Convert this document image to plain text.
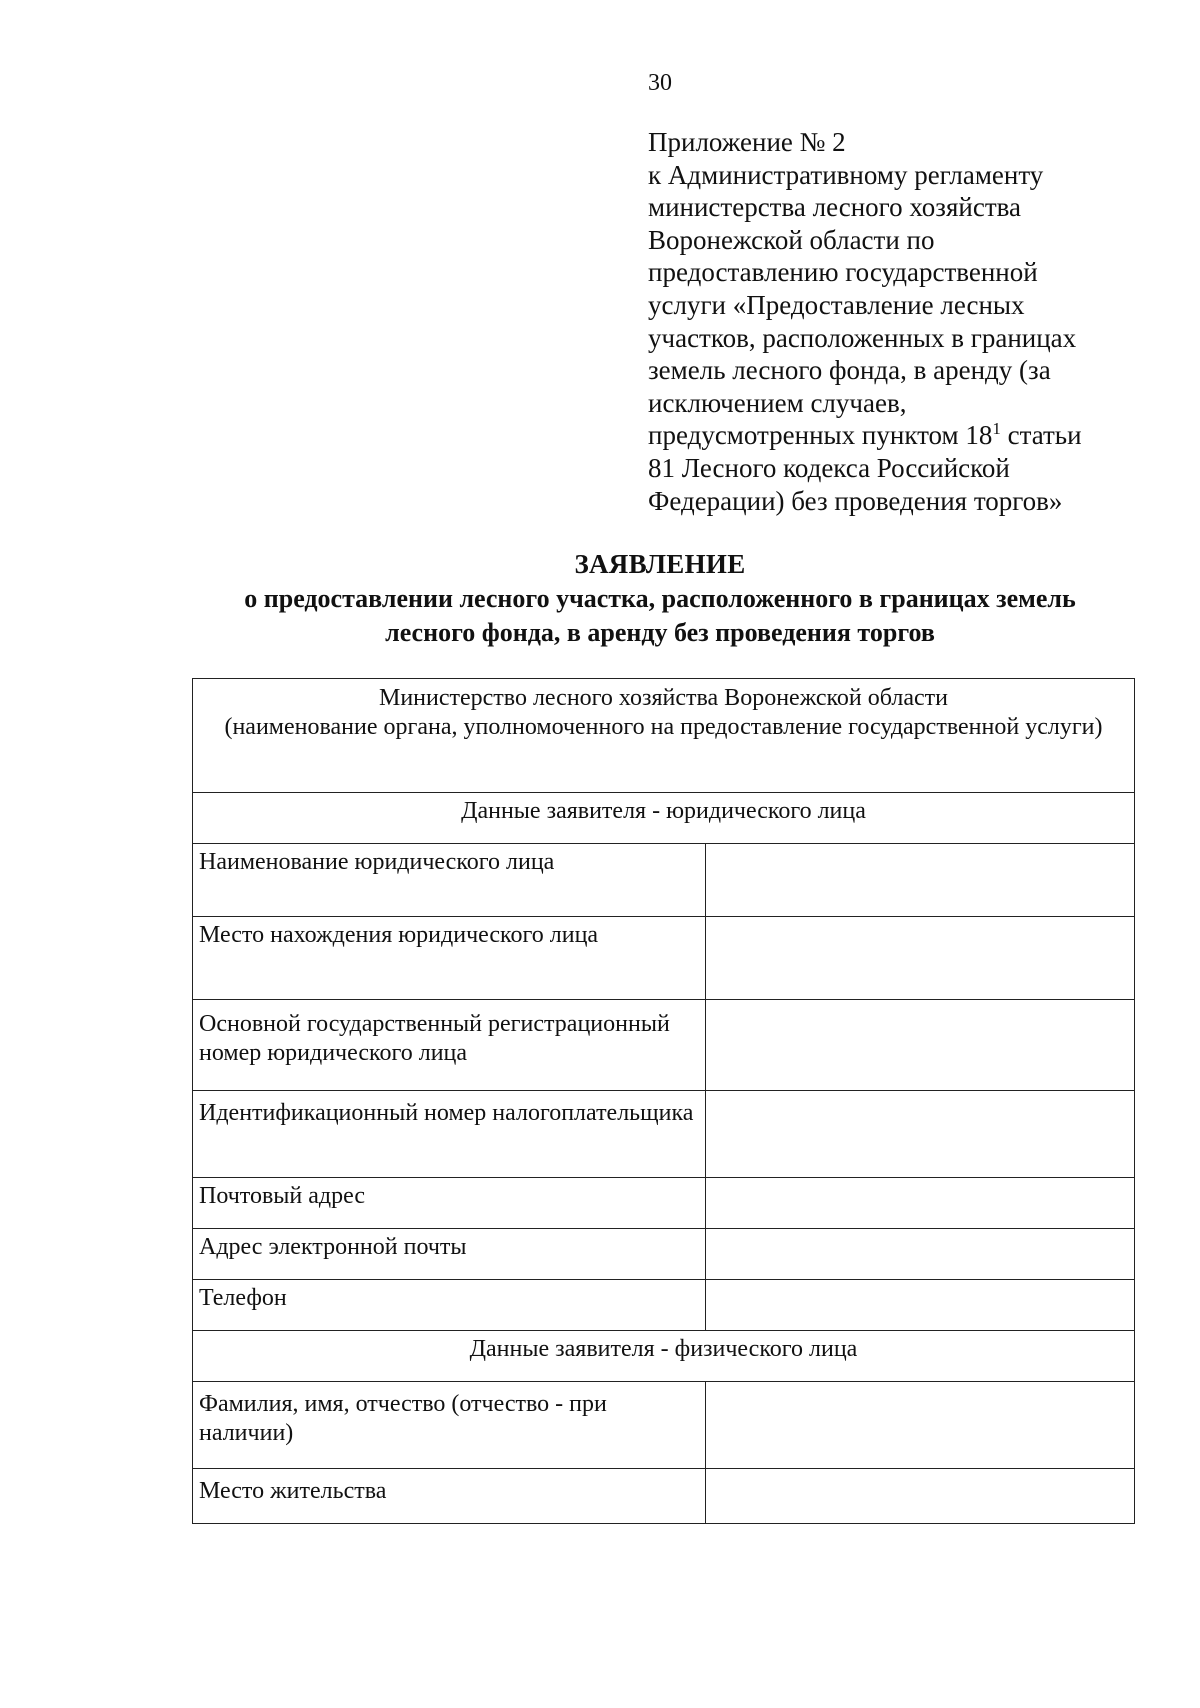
30
Приложение № 2
к Административному регламенту
министерства лесного хозяйства
Воронежской области по
предоставлению государственной
услуги «Предоставление лесных
участков, расположенных в границах
земель лесного фонда, в аренду (за
исключением случаев,
предусмотренных пунктом $18^1$ статьи
81 Лесного кодекса Российской
Федерации) без проведения торгов»
ЗАЯВЛЕНИЕ
о предоставлении лесного участка, расположенного в границах земель
лесного фонда, в аренду без проведения торгов
Министерство лесного хозяйства Воронежской области
(наименование органа, уполномоченного на предоставление государственной услуги)	

Данные заявителя - юридического лица	
Наименование юридического лица	
Место нахождения юридического лица	
Основной государственный регистрационный номер юридического лица	
Идентификационный номер налогоплательщика	
Почтовый адрес	
Адрес электронной почты	
Телефон	
Данные заявителя - физического лица	
Фамилия, имя, отчество (отчество - при наличии)	
Место жительства	
